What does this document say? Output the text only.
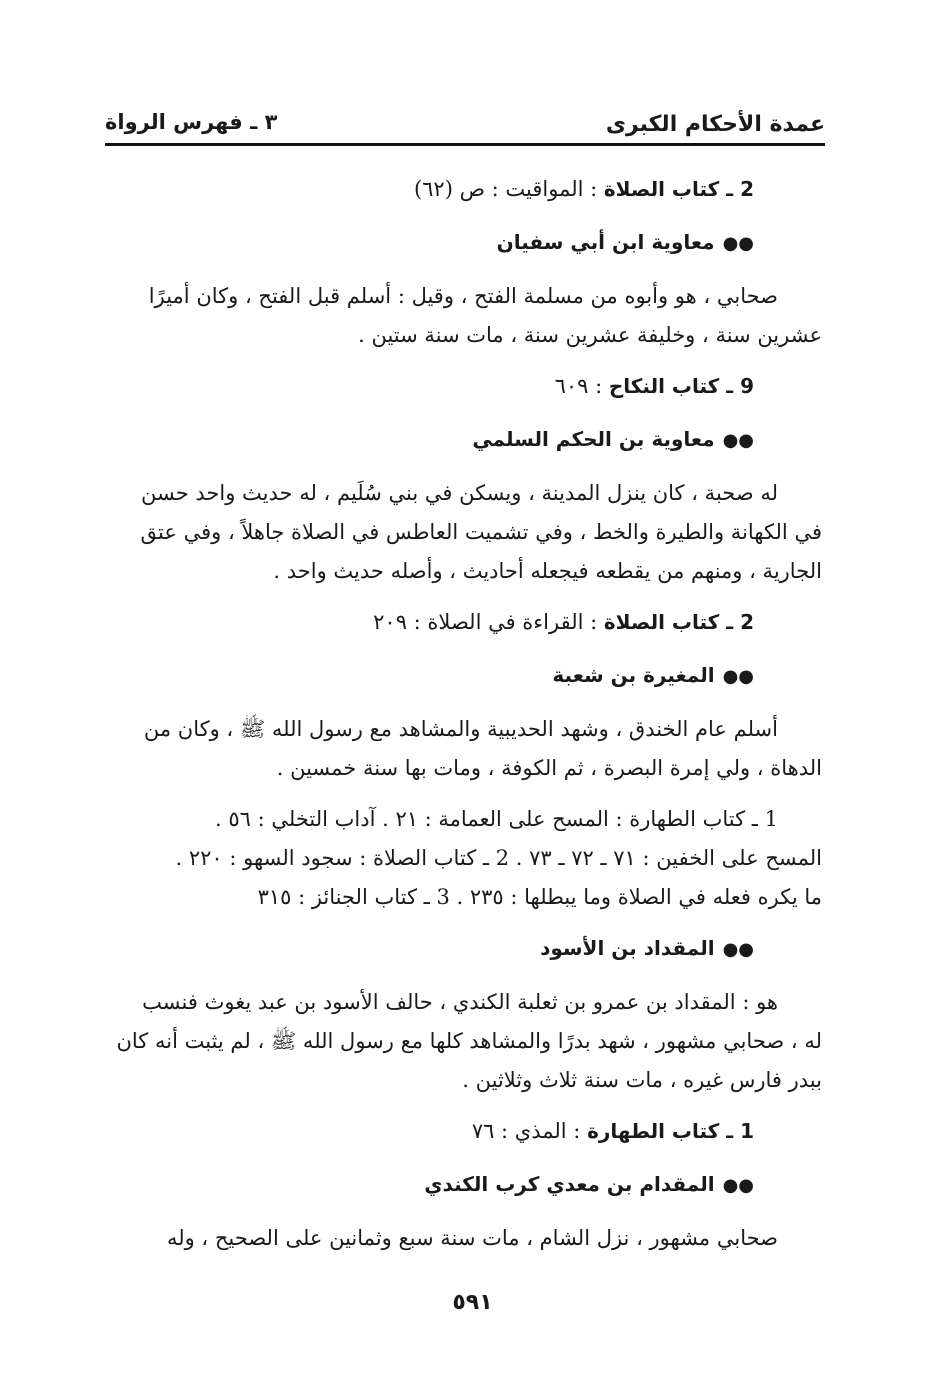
عمدة الأحكام الكبرى
٣ ـ فهرس الرواة
2 ـ كتاب الصلاة : المواقيت : ص (٦٢)
●●معاوية ابن أبي سفيان
صحابي ، هو وأبوه من مسلمة الفتح ، وقيل : أسلم قبل الفتح ، وكان أميرًا
عشرين سنة ، وخليفة عشرين سنة ، مات سنة ستين .
9 ـ كتاب النكاح : ٦٠٩
●●معاوية بن الحكم السلمي
له صحبة ، كان ينزل المدينة ، ويسكن في بني سُلَيم ، له حديث واحد حسن
في الكهانة والطيرة والخط ، وفي تشميت العاطس في الصلاة جاهلاً ، وفي عتق
الجارية ، ومنهم من يقطعه فيجعله أحاديث ، وأصله حديث واحد .
2 ـ كتاب الصلاة : القراءة في الصلاة : ٢٠٩
●●المغيرة بن شعبة
أسلم عام الخندق ، وشهد الحديبية والمشاهد مع رسول الله ﷺ ، وكان من
الدهاة ، ولي إمرة البصرة ، ثم الكوفة ، ومات بها سنة خمسين .
1 ـ كتاب الطهارة : المسح على العمامة : ٢١ . آداب التخلي : ٥٦ .
المسح على الخفين : ٧١ ـ ٧٢ ـ ٧٣ . 2 ـ كتاب الصلاة : سجود السهو : ٢٢٠ .
ما يكره فعله في الصلاة وما يبطلها : ٢٣٥ . 3 ـ كتاب الجنائز : ٣١٥
●●المقداد بن الأسود
هو : المقداد بن عمرو بن ثعلبة الكندي ، حالف الأسود بن عبد يغوث فنسب
له ، صحابي مشهور ، شهد بدرًا والمشاهد كلها مع رسول الله ﷺ ، لم يثبت أنه كان
ببدر فارس غيره ، مات سنة ثلاث وثلاثين .
1 ـ كتاب الطهارة : المذي : ٧٦
●●المقدام بن معدي كرب الكندي
صحابي مشهور ، نزل الشام ، مات سنة سبع وثمانين على الصحيح ، وله
٥٩١
